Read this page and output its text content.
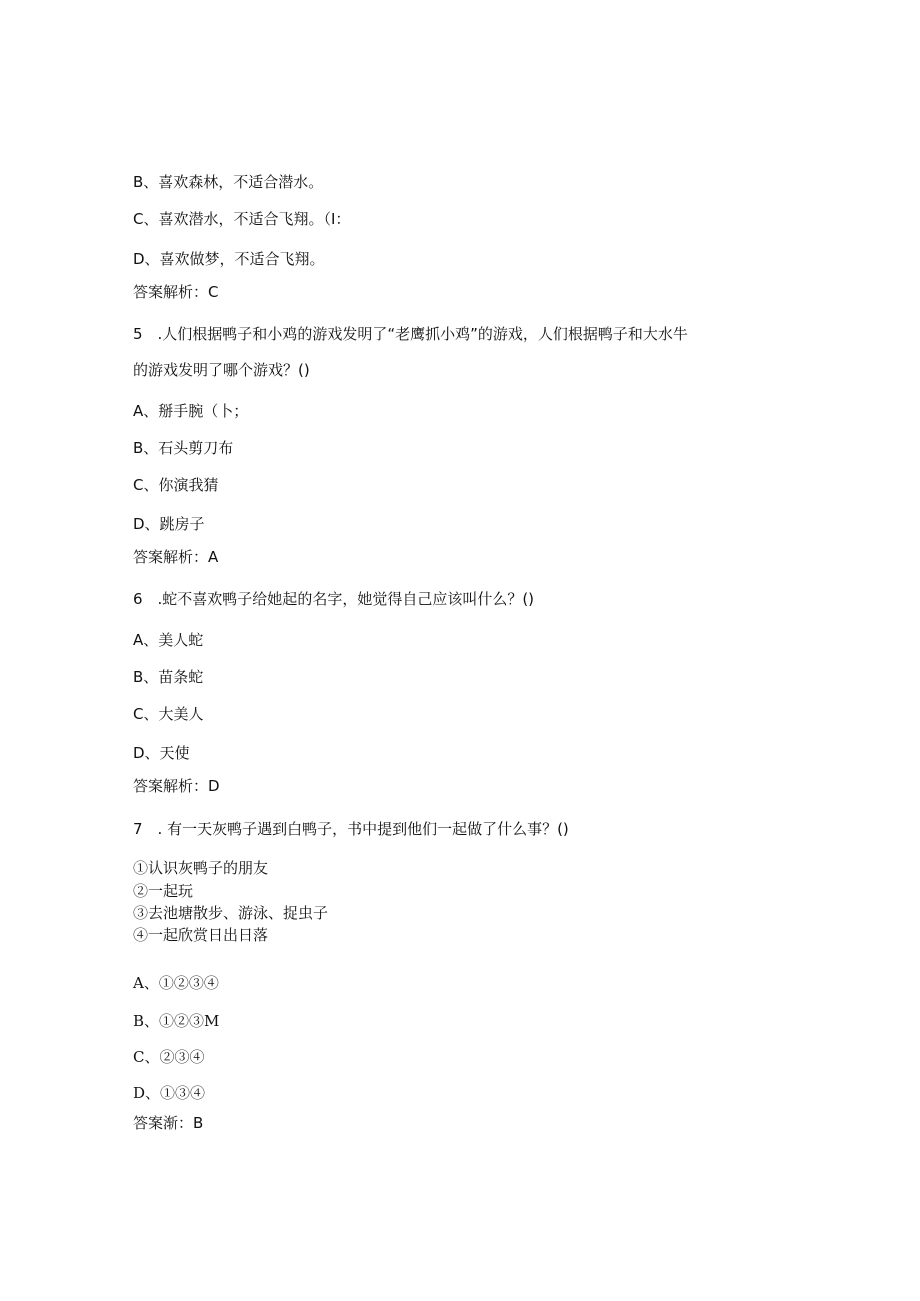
B、喜欢森林，不适合潜水。
C、喜欢潜水，不适合飞翔。（I：
D、喜欢做梦，不适合飞翔。
答案解析：C
5　.人们根据鸭子和小鸡的游戏发明了“老鹰抓小鸡”的游戏，人们根据鸭子和大水牛
的游戏发明了哪个游戏？()
A、掰手腕（卜；
B、石头剪刀布
C、你演我猜
D、跳房子
答案解析：A
6　.蛇不喜欢鸭子给她起的名字，她觉得自己应该叫什么？()
A、美人蛇
B、苗条蛇
C、大美人
D、天使
答案解析：D
7　. 有一天灰鸭子遇到白鸭子，书中提到他们一起做了什么事？()
①认识灰鸭子的朋友
②一起玩
③去池塘散步、游泳、捉虫子
④一起欣赏日出日落
A、①②③④
B、①②③M
C、②③④
D、①③④
答案渐：B
